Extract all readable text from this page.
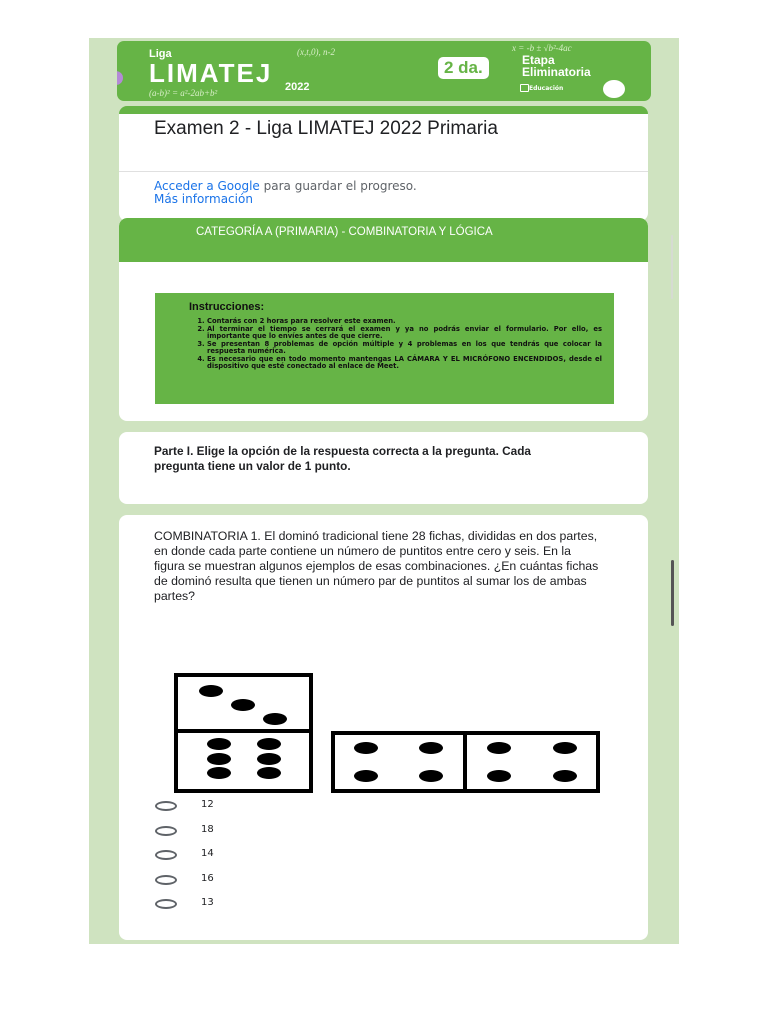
Liga
LIMATEJ 2022
(x,t,0), n-2
(a-b)² = a²-2ab+b²
x = -b ± √b²-4ac
2 da.	Etapa
Eliminatoria
Educación
Examen 2 - Liga LIMATEJ 2022 Primaria
Acceder a Google para guardar el progreso.
Más información
CATEGORÍA A (PRIMARIA) - COMBINATORIA Y LÓGICA
Instrucciones:
1. Contarás con 2 horas para resolver este examen.
2. Al terminar el tiempo se cerrará el examen y ya no podrás enviar el formulario. Por ello, es importante que lo envíes antes de que cierre.
3. Se presentan 8 problemas de opción múltiple y 4 problemas en los que tendrás que colocar la respuesta numérica.
4. Es necesario que en todo momento mantengas LA CÁMARA Y EL MICRÓFONO ENCENDIDOS, desde el dispositivo que esté conectado al enlace de Meet.
Parte I. Elige la opción de la respuesta correcta a la pregunta. Cada pregunta tiene un valor de 1 punto.
COMBINATORIA 1. El dominó tradicional tiene 28 fichas, divididas en dos partes, en donde cada parte contiene un número de puntitos entre cero y seis. En la figura se muestran algunos ejemplos de esas combinaciones. ¿En cuántas fichas de dominó resulta que tienen un número par de puntitos al sumar los de ambas partes?
12
18
14
16
13
